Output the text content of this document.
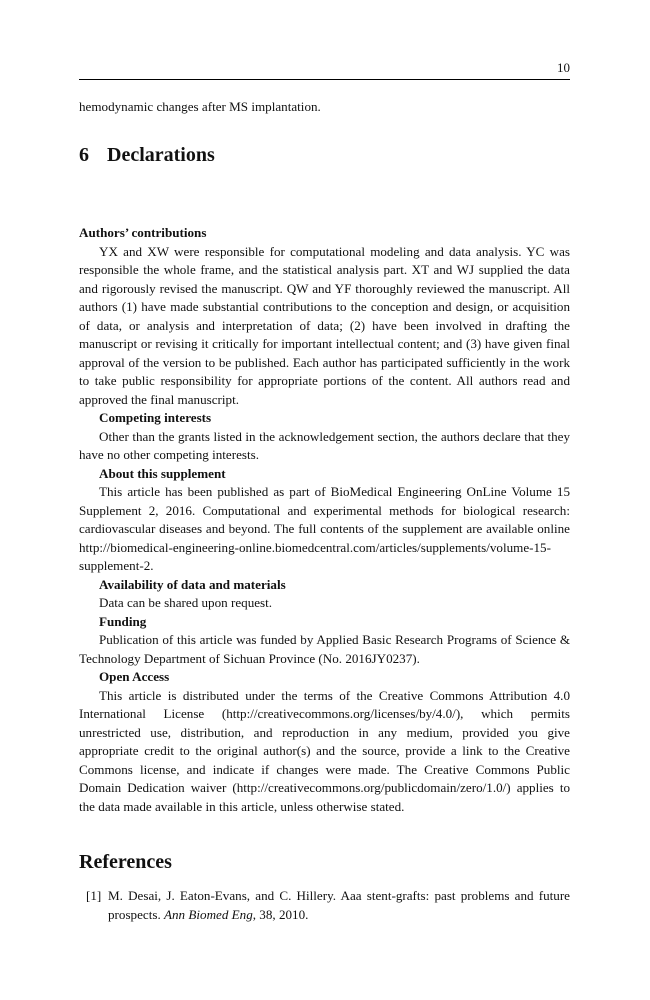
10
hemodynamic changes after MS implantation.
6 Declarations

Authors’ contributions

YX and XW were responsible for computational modeling and data analysis. YC was responsible the whole frame, and the statistical analysis part. XT and WJ supplied the data and rigorously revised the manuscript. QW and YF thoroughly reviewed the manuscript. All authors (1) have made substantial contributions to the conception and design, or acquisition of data, or analysis and interpretation of data; (2) have been involved in drafting the manuscript or revising it critically for important intellectual content; and (3) have given final approval of the version to be published. Each author has participated sufficiently in the work to take public responsibility for appropriate portions of the content. All authors read and approved the final manuscript.

Competing interests

Other than the grants listed in the acknowledgement section, the authors declare that they have no other competing interests.

About this supplement

This article has been published as part of BioMedical Engineering OnLine Volume 15 Supplement 2, 2016. Computational and experimental methods for biological research: cardiovascular diseases and beyond. The full contents of the supplement are available online http://biomedical-engineering-online.biomedcentral.com/articles/supplements/volume-15-supplement-2.

Availability of data and materials

Data can be shared upon request.

Funding

Publication of this article was funded by Applied Basic Research Programs of Science & Technology Department of Sichuan Province (No. 2016JY0237).

Open Access

This article is distributed under the terms of the Creative Commons Attribution 4.0 International License (http://creativecommons.org/licenses/by/4.0/), which permits unrestricted use, distribution, and reproduction in any medium, provided you give appropriate credit to the original author(s) and the source, provide a link to the Creative Commons license, and indicate if changes were made. The Creative Commons Public Domain Dedication waiver (http://creativecommons.org/publicdomain/zero/1.0/) applies to the data made available in this article, unless otherwise stated.

References
[1] M. Desai, J. Eaton-Evans, and C. Hillery. Aaa stent-grafts: past problems and future prospects. Ann Biomed Eng, 38, 2010.
